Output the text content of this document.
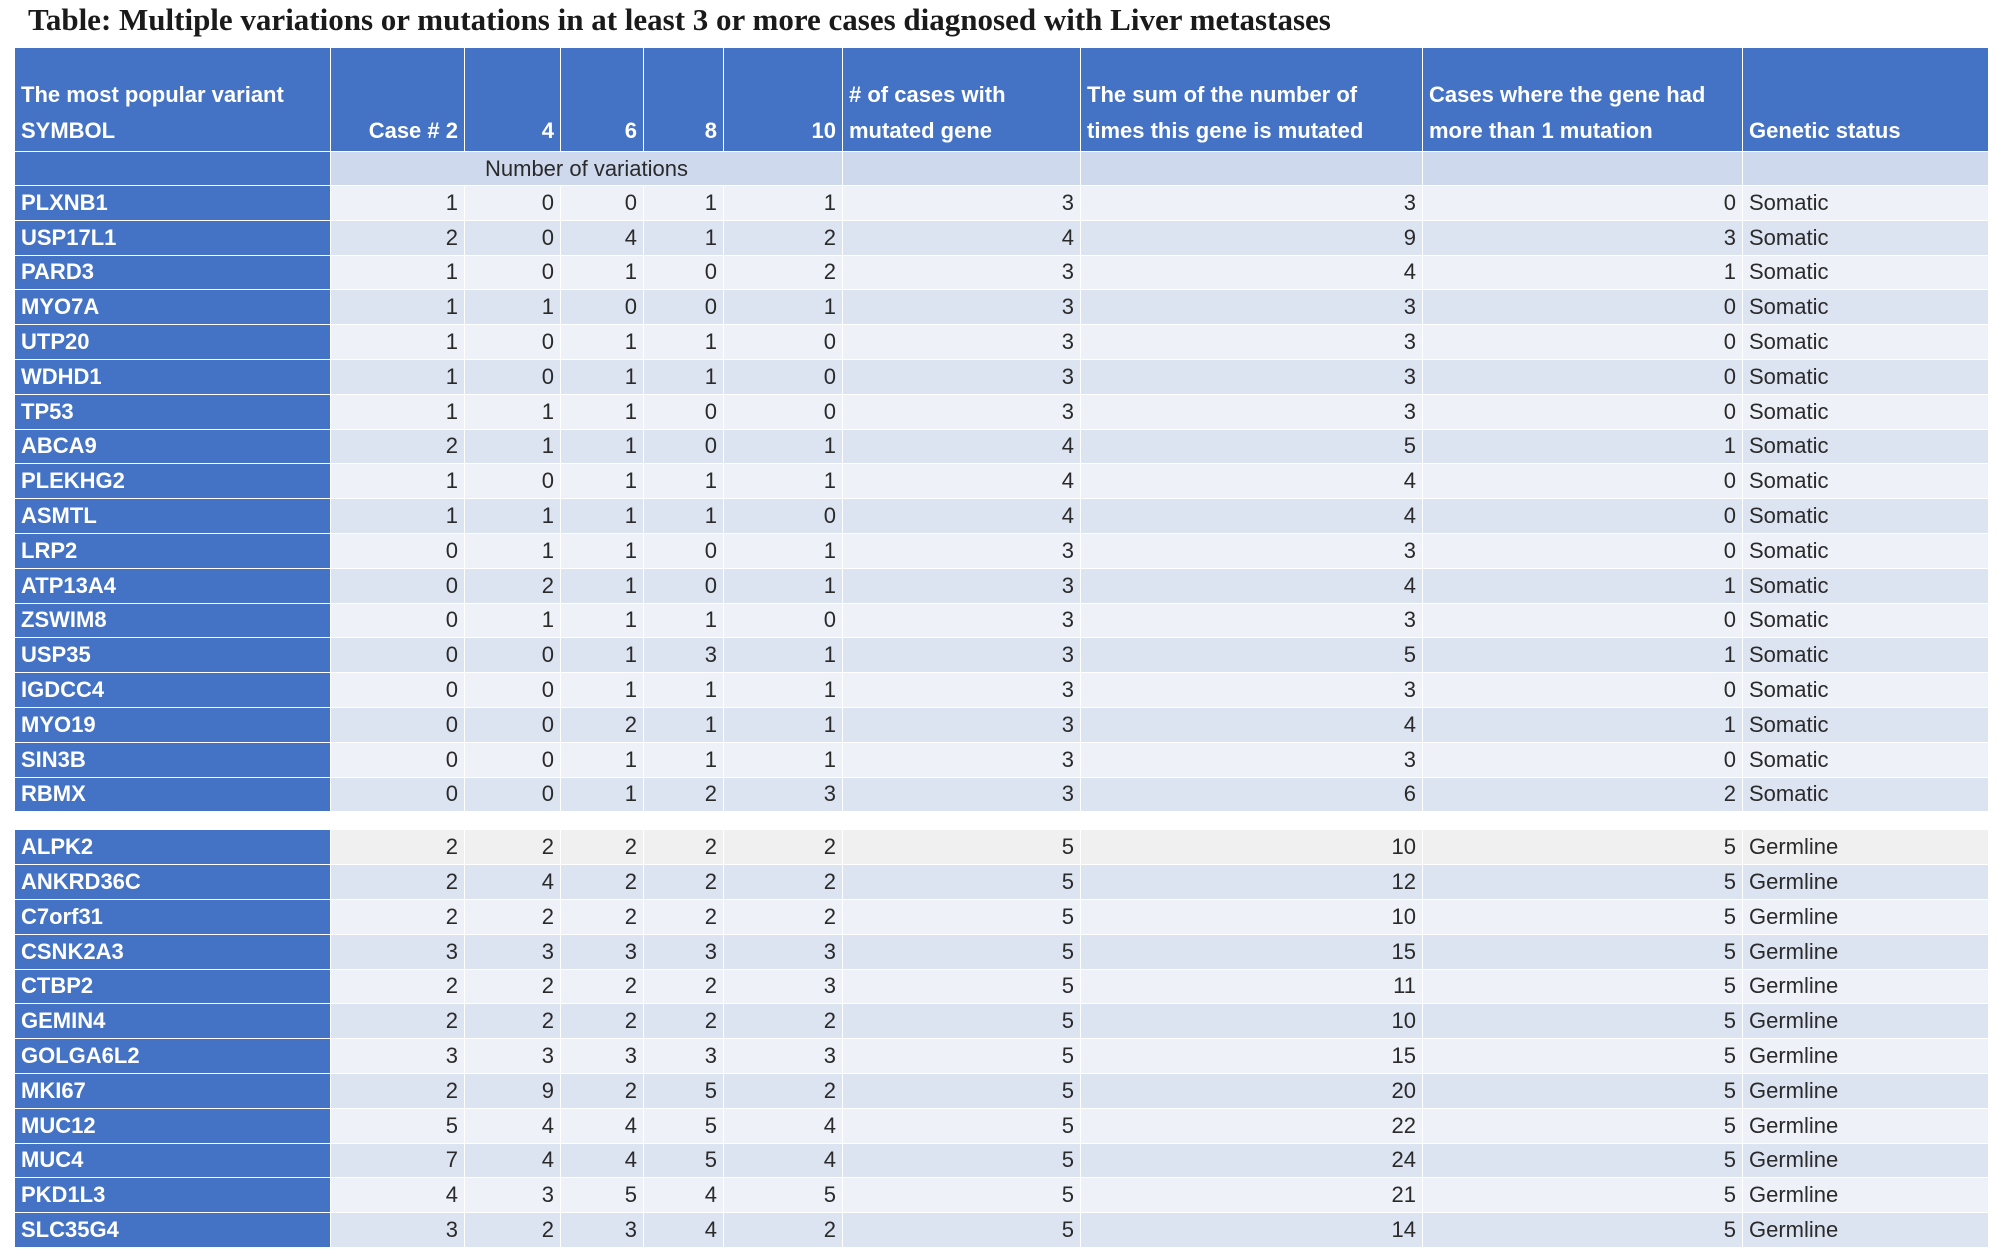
Table: Multiple variations or mutations in at least 3 or more cases diagnosed with Liver metastases
The most popular variant SYMBOL	Case # 2	4	6	8	10	# of cases with mutated gene	The sum of the number of times this gene is mutated	Cases where the gene had more than 1 mutation	Genetic status
	Number of variations								
PLXNB1	1	0	0	1	1	3	3	0	Somatic
USP17L1	2	0	4	1	2	4	9	3	Somatic
PARD3	1	0	1	0	2	3	4	1	Somatic
MYO7A	1	1	0	0	1	3	3	0	Somatic
UTP20	1	0	1	1	0	3	3	0	Somatic
WDHD1	1	0	1	1	0	3	3	0	Somatic
TP53	1	1	1	0	0	3	3	0	Somatic
ABCA9	2	1	1	0	1	4	5	1	Somatic
PLEKHG2	1	0	1	1	1	4	4	0	Somatic
ASMTL	1	1	1	1	0	4	4	0	Somatic
LRP2	0	1	1	0	1	3	3	0	Somatic
ATP13A4	0	2	1	0	1	3	4	1	Somatic
ZSWIM8	0	1	1	1	0	3	3	0	Somatic
USP35	0	0	1	3	1	3	5	1	Somatic
IGDCC4	0	0	1	1	1	3	3	0	Somatic
MYO19	0	0	2	1	1	3	4	1	Somatic
SIN3B	0	0	1	1	1	3	3	0	Somatic
RBMX	0	0	1	2	3	3	6	2	Somatic

ALPK2	2	2	2	2	2	5	10	5	Germline
ANKRD36C	2	4	2	2	2	5	12	5	Germline
C7orf31	2	2	2	2	2	5	10	5	Germline
CSNK2A3	3	3	3	3	3	5	15	5	Germline
CTBP2	2	2	2	2	3	5	11	5	Germline
GEMIN4	2	2	2	2	2	5	10	5	Germline
GOLGA6L2	3	3	3	3	3	5	15	5	Germline
MKI67	2	9	2	5	2	5	20	5	Germline
MUC12	5	4	4	5	4	5	22	5	Germline
MUC4	7	4	4	5	4	5	24	5	Germline
PKD1L3	4	3	5	4	5	5	21	5	Germline
SLC35G4	3	2	3	4	2	5	14	5	Germline
